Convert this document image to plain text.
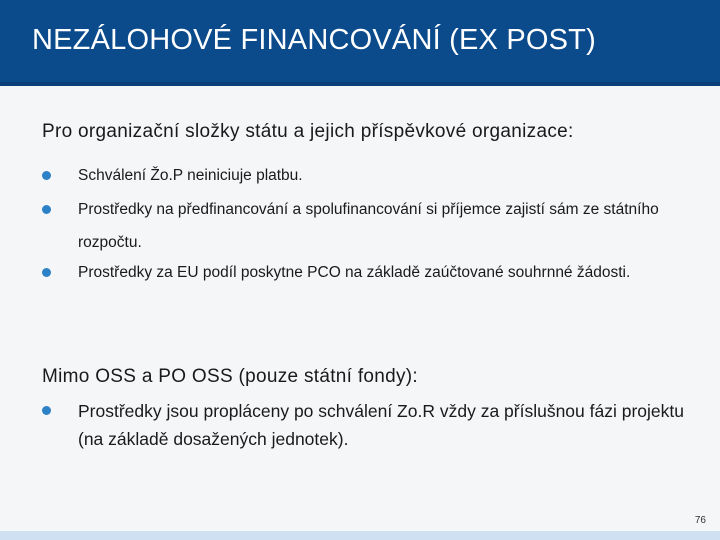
NEZÁLOHOVÉ FINANCOVÁNÍ (EX POST)
Pro organizační složky státu a jejich příspěvkové organizace:

Schválení Žo.P neiniciuje platbu.

Prostředky na předfinancování a spolufinancování si příjemce zajistí sám ze státního rozpočtu.

Prostředky za EU podíl poskytne PCO na základě zaúčtované souhrnné žádosti.

Mimo OSS a PO OSS (pouze státní fondy):

Prostředky jsou propláceny po schválení Zo.R vždy za příslušnou fázi projektu (na základě dosažených jednotek).

76
